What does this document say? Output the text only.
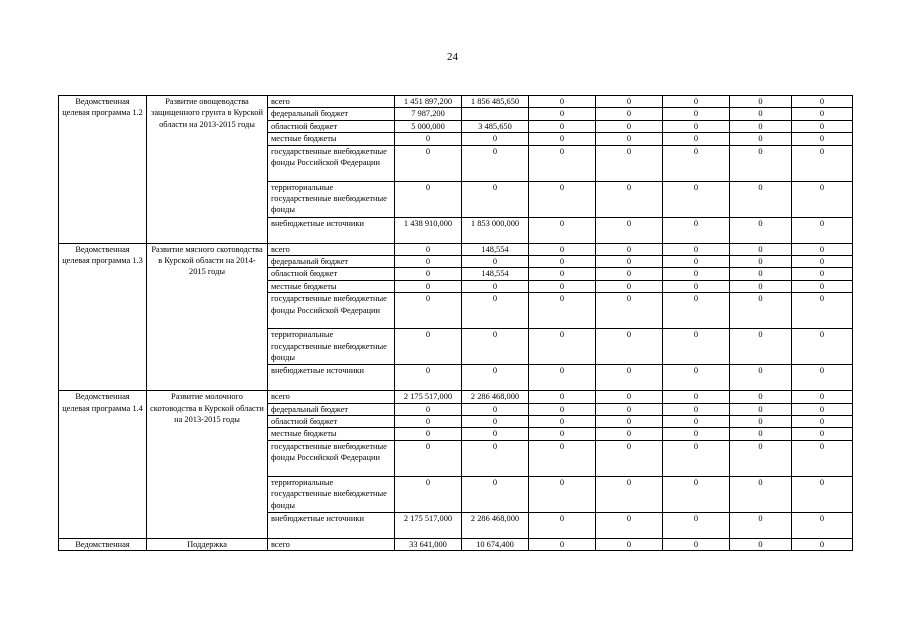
24
Ведомственная целевая программа 1.2	Развитие овощеводства защищенного грунта в Курской области на 2013-2015 годы	всего	1 451 897,200	1 856 485,650	0	0	0	0	0
		федеральный бюджет	7 987,200		0	0	0	0	0
		областной бюджет	5 000,000	3 485,650	0	0	0	0	0
		местные бюджеты	0	0	0	0	0	0	0
		государственные внебюджетные фонды Российской Федерации	0	0	0	0	0	0	0
		территориальные государственные внебюджетные фонды	0	0	0	0	0	0	0
		внебюджетные источники	1 438 910,000	1 853 000,000	0	0	0	0	0
Ведомственная целевая программа 1.3	Развитие мясного скотоводства в Курской области на 2014-2015 годы	всего	0	148,554	0	0	0	0	0
		федеральный бюджет	0	0	0	0	0	0	0
		областной бюджет	0	148,554	0	0	0	0	0
		местные бюджеты	0	0	0	0	0	0	0
		государственные внебюджетные фонды Российской Федерации	0	0	0	0	0	0	0
		территориальные государственные внебюджетные фонды	0	0	0	0	0	0	0
		внебюджетные источники	0	0	0	0	0	0	0
Ведомственная целевая программа 1.4	Развитие молочного скотоводства в Курской области на 2013-2015 годы	всего	2 175 517,000	2 286 468,000	0	0	0	0	0
		федеральный бюджет	0	0	0	0	0	0	0
		областной бюджет	0	0	0	0	0	0	0
		местные бюджеты	0	0	0	0	0	0	0
		государственные внебюджетные фонды Российской Федерации	0	0	0	0	0	0	0
		территориальные государственные внебюджетные фонды	0	0	0	0	0	0	0
		внебюджетные источники	2 175 517,000	2 286 468,000	0	0	0	0	0
Ведомственная	Поддержка	всего	33 641,000	10 674,400	0	0	0	0	0
